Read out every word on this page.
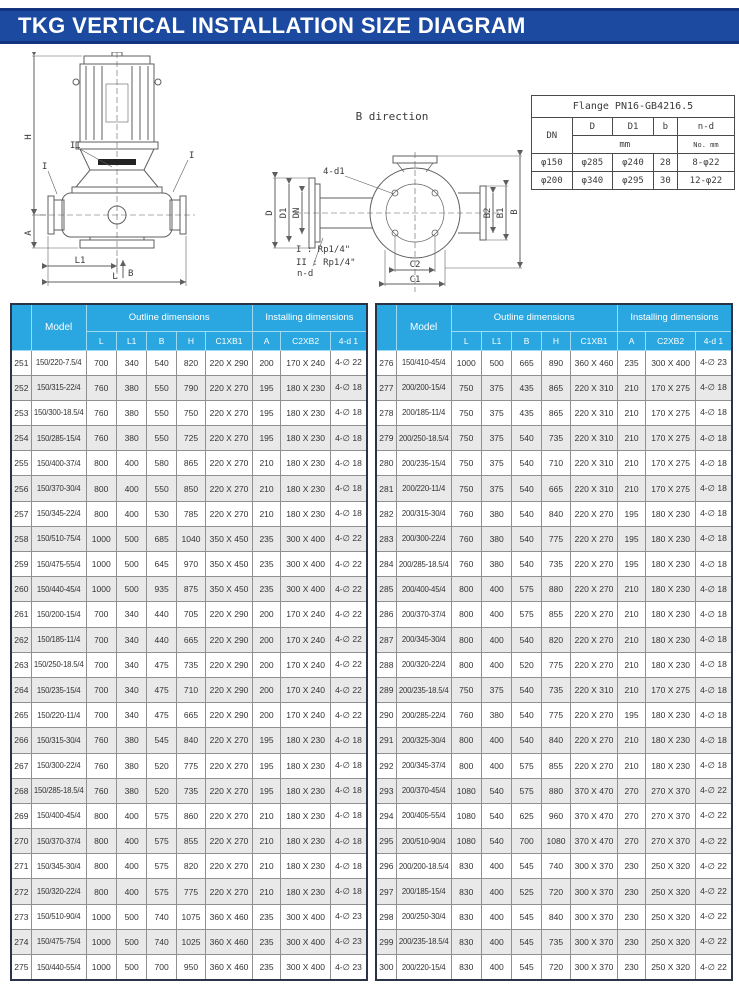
TKG VERTICAL INSTALLATION SIZE DIAGRAM
H
A
L1
L B
II
I
I
B direction
4-d1
D D1 DN
n-d
B2 B1 B
C2
C1
I : Rp1/4"
II : Rp1/4"
Flange PN16-GB4216.5				
DN	D	D1	b	n-d
	mm			No. mm
φ150	φ285	φ240	28	8-φ22
φ200	φ340	φ295	30	12-φ22
	Model	Outline dimensions					Installing dimensions		
		L	L1	B	H	C1XB1	A	C2XB2	4-d 1
251	150/220-7.5/4	700	340	540	820	220 X 290	200	170 X 240	4-∅ 22
252	150/315-22/4	760	380	550	790	220 X 270	195	180 X 230	4-∅ 18
253	150/300-18.5/4	760	380	550	750	220 X 270	195	180 X 230	4-∅ 18
254	150/285-15/4	760	380	550	725	220 X 270	195	180 X 230	4-∅ 18
255	150/400-37/4	800	400	580	865	220 X 270	210	180 X 230	4-∅ 18
256	150/370-30/4	800	400	550	850	220 X 270	210	180 X 230	4-∅ 18
257	150/345-22/4	800	400	530	785	220 X 270	210	180 X 230	4-∅ 18
258	150/510-75/4	1000	500	685	1040	350 X 450	235	300 X 400	4-∅ 22
259	150/475-55/4	1000	500	645	970	350 X 450	235	300 X 400	4-∅ 22
260	150/440-45/4	1000	500	935	875	350 X 450	235	300 X 400	4-∅ 22
261	150/200-15/4	700	340	440	705	220 X 290	200	170 X 240	4-∅ 22
262	150/185-11/4	700	340	440	665	220 X 290	200	170 X 240	4-∅ 22
263	150/250-18.5/4	700	340	475	735	220 X 290	200	170 X 240	4-∅ 22
264	150/235-15/4	700	340	475	710	220 X 290	200	170 X 240	4-∅ 22
265	150/220-11/4	700	340	475	665	220 X 290	200	170 X 240	4-∅ 22
266	150/315-30/4	760	380	545	840	220 X 270	195	180 X 230	4-∅ 18
267	150/300-22/4	760	380	520	775	220 X 270	195	180 X 230	4-∅ 18
268	150/285-18.5/4	760	380	520	735	220 X 270	195	180 X 230	4-∅ 18
269	150/400-45/4	800	400	575	860	220 X 270	210	180 X 230	4-∅ 18
270	150/370-37/4	800	400	575	855	220 X 270	210	180 X 230	4-∅ 18
271	150/345-30/4	800	400	575	820	220 X 270	210	180 X 230	4-∅ 18
272	150/320-22/4	800	400	575	775	220 X 270	210	180 X 230	4-∅ 18
273	150/510-90/4	1000	500	740	1075	360 X 460	235	300 X 400	4-∅ 23
274	150/475-75/4	1000	500	740	1025	360 X 460	235	300 X 400	4-∅ 23
275	150/440-55/4	1000	500	700	950	360 X 460	235	300 X 400	4-∅ 23
	Model	Outline dimensions					Installing dimensions		
		L	L1	B	H	C1XB1	A	C2XB2	4-d 1
276	150/410-45/4	1000	500	665	890	360 X 460	235	300 X 400	4-∅ 23
277	200/200-15/4	750	375	435	865	220 X 310	210	170 X 275	4-∅ 18
278	200/185-11/4	750	375	435	865	220 X 310	210	170 X 275	4-∅ 18
279	200/250-18.5/4	750	375	540	735	220 X 310	210	170 X 275	4-∅ 18
280	200/235-15/4	750	375	540	710	220 X 310	210	170 X 275	4-∅ 18
281	200/220-11/4	750	375	540	665	220 X 310	210	170 X 275	4-∅ 18
282	200/315-30/4	760	380	540	840	220 X 270	195	180 X 230	4-∅ 18
283	200/300-22/4	760	380	540	775	220 X 270	195	180 X 230	4-∅ 18
284	200/285-18.5/4	760	380	540	735	220 X 270	195	180 X 230	4-∅ 18
285	200/400-45/4	800	400	575	880	220 X 270	210	180 X 230	4-∅ 18
286	200/370-37/4	800	400	575	855	220 X 270	210	180 X 230	4-∅ 18
287	200/345-30/4	800	400	540	820	220 X 270	210	180 X 230	4-∅ 18
288	200/320-22/4	800	400	520	775	220 X 270	210	180 X 230	4-∅ 18
289	200/235-18.5/4	750	375	540	735	220 X 310	210	170 X 275	4-∅ 18
290	200/285-22/4	760	380	540	775	220 X 270	195	180 X 230	4-∅ 18
291	200/325-30/4	800	400	540	840	220 X 270	210	180 X 230	4-∅ 18
292	200/345-37/4	800	400	575	855	220 X 270	210	180 X 230	4-∅ 18
293	200/370-45/4	1080	540	575	880	370 X 470	270	270 X 370	4-∅ 22
294	200/405-55/4	1080	540	625	960	370 X 470	270	270 X 370	4-∅ 22
295	200/510-90/4	1080	540	700	1080	370 X 470	270	270 X 370	4-∅ 22
296	200/200-18.5/4	830	400	545	740	300 X 370	230	250 X 320	4-∅ 22
297	200/185-15/4	830	400	525	720	300 X 370	230	250 X 320	4-∅ 22
298	200/250-30/4	830	400	545	840	300 X 370	230	250 X 320	4-∅ 22
299	200/235-18.5/4	830	400	545	735	300 X 370	230	250 X 320	4-∅ 22
300	200/220-15/4	830	400	545	720	300 X 370	230	250 X 320	4-∅ 22
